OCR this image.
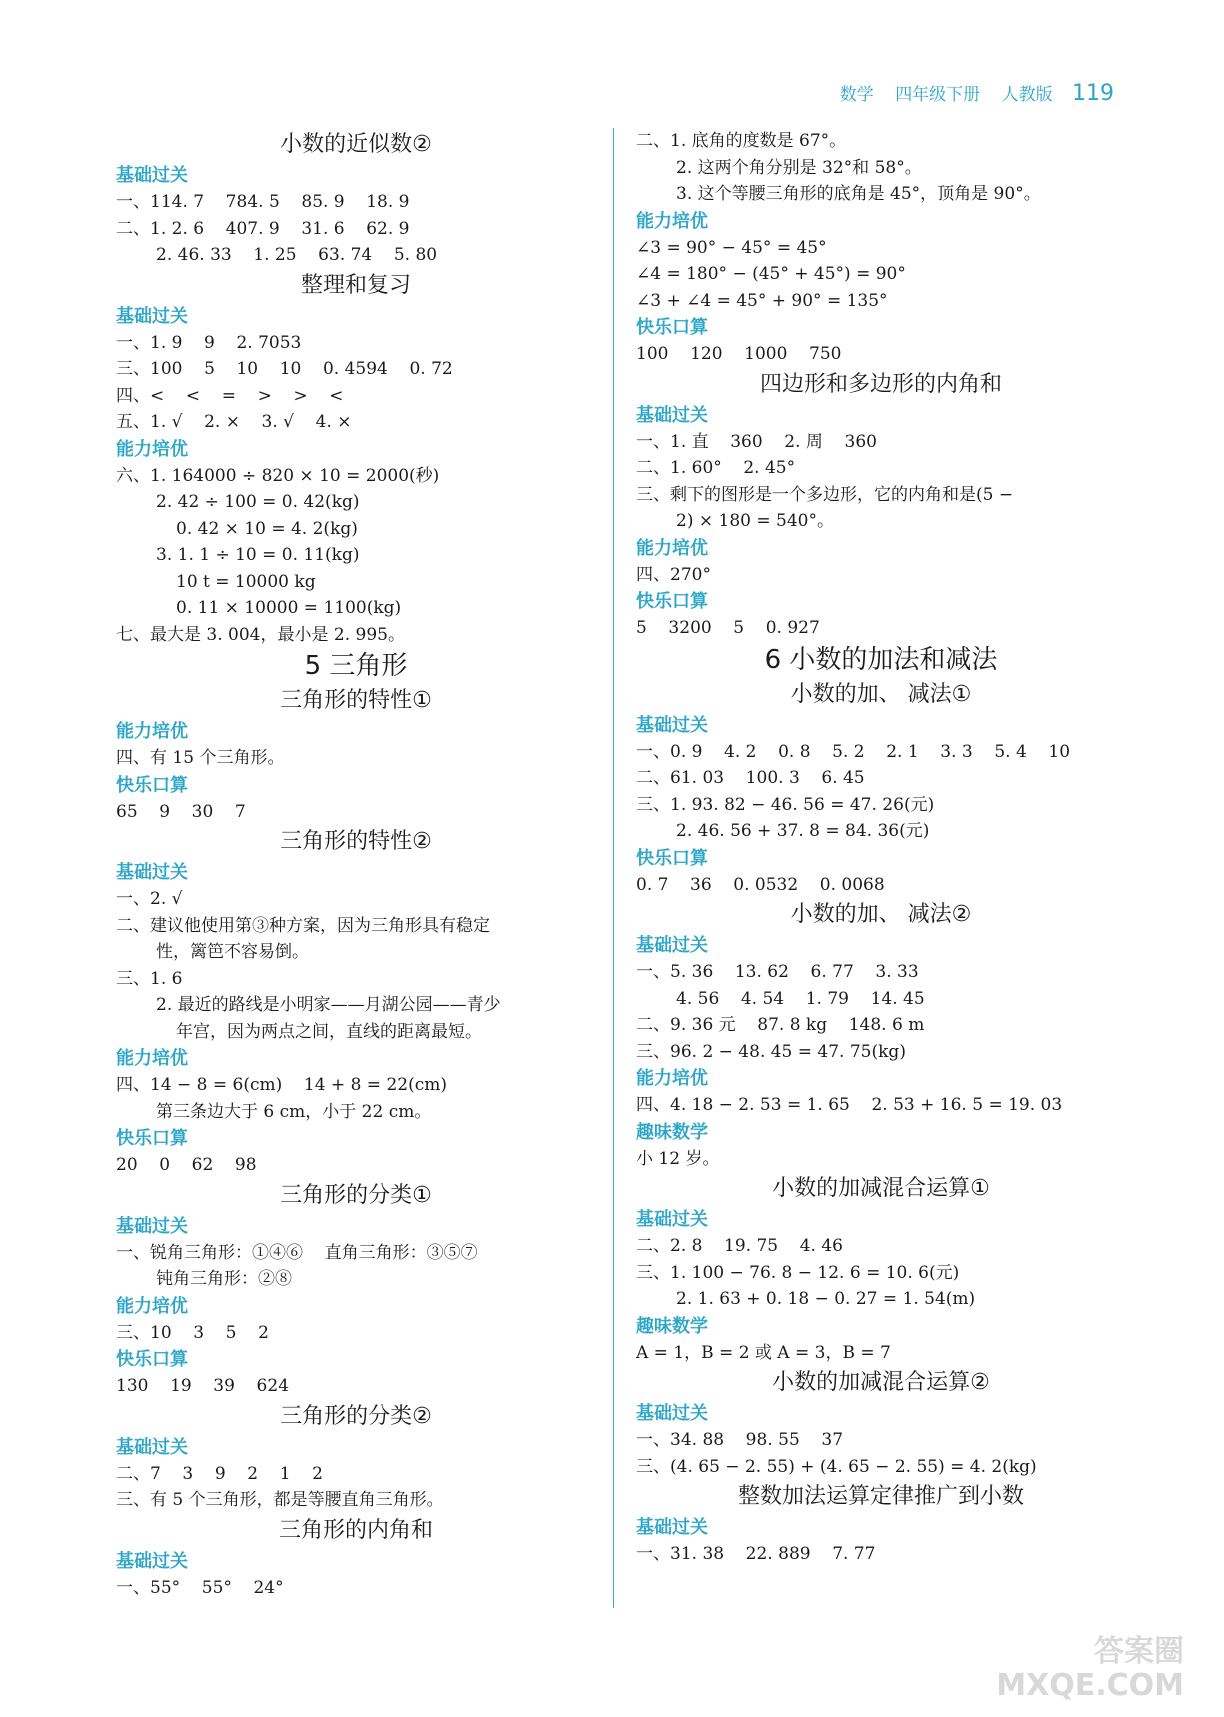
数学 四年级下册 人教版 119
小数的近似数②
基础过关
一、114. 7    784. 5    85. 9    18. 9
二、1. 2. 6    407. 9    31. 6    62. 9
2. 46. 33    1. 25    63. 74    5. 80
整理和复习
基础过关
一、1. 9    9    2. 7053
三、100    5    10    10    0. 4594    0. 72
四、<    <    =    >    >    <
五、1. √    2. ×    3. √    4. ×
能力培优
六、1. 164000 ÷ 820 × 10 = 2000(秒)
2. 42 ÷ 100 = 0. 42(kg)
0. 42 × 10 = 4. 2(kg)
3. 1. 1 ÷ 10 = 0. 11(kg)
10 t = 10000 kg
0. 11 × 10000 = 1100(kg)
七、最大是 3. 004，最小是 2. 995。
5 三角形
三角形的特性①
能力培优
四、有 15 个三角形。
快乐口算
65    9    30    7
三角形的特性②
基础过关
一、2. √
二、建议他使用第③种方案，因为三角形具有稳定
性，篱笆不容易倒。
三、1. 6
2. 最近的路线是小明家——月湖公园——青少
年宫，因为两点之间，直线的距离最短。
能力培优
四、14 − 8 = 6(cm)    14 + 8 = 22(cm)
第三条边大于 6 cm，小于 22 cm。
快乐口算
20    0    62    98
三角形的分类①
基础过关
一、锐角三角形：①④⑥    直角三角形：③⑤⑦
钝角三角形：②⑧
能力培优
三、10    3    5    2
快乐口算
130    19    39    624
三角形的分类②
基础过关
二、7    3    9    2    1    2
三、有 5 个三角形，都是等腰直角三角形。
三角形的内角和
基础过关
一、55°    55°    24°
二、1. 底角的度数是 67°。
2. 这两个角分别是 32°和 58°。
3. 这个等腰三角形的底角是 45°，顶角是 90°。
能力培优
∠3 = 90° − 45° = 45°
∠4 = 180° − (45° + 45°) = 90°
∠3 + ∠4 = 45° + 90° = 135°
快乐口算
100    120    1000    750
四边形和多边形的内角和
基础过关
一、1. 直    360    2. 周    360
二、1. 60°    2. 45°
三、剩下的图形是一个多边形，它的内角和是(5 −
2) × 180 = 540°。
能力培优
四、270°
快乐口算
5    3200    5    0. 927
6 小数的加法和减法
小数的加、 减法①
基础过关
一、0. 9    4. 2    0. 8    5. 2    2. 1    3. 3    5. 4    10
二、61. 03    100. 3    6. 45
三、1. 93. 82 − 46. 56 = 47. 26(元)
2. 46. 56 + 37. 8 = 84. 36(元)
快乐口算
0. 7    36    0. 0532    0. 0068
小数的加、 减法②
基础过关
一、5. 36    13. 62    6. 77    3. 33
4. 56    4. 54    1. 79    14. 45
二、9. 36 元    87. 8 kg    148. 6 m
三、96. 2 − 48. 45 = 47. 75(kg)
能力培优
四、4. 18 − 2. 53 = 1. 65    2. 53 + 16. 5 = 19. 03
趣味数学
小 12 岁。
小数的加减混合运算①
基础过关
二、2. 8    19. 75    4. 46
三、1. 100 − 76. 8 − 12. 6 = 10. 6(元)
2. 1. 63 + 0. 18 − 0. 27 = 1. 54(m)
趣味数学
A = 1，B = 2 或 A = 3，B = 7
小数的加减混合运算②
基础过关
一、34. 88    98. 55    37
三、(4. 65 − 2. 55) + (4. 65 − 2. 55) = 4. 2(kg)
整数加法运算定律推广到小数
基础过关
一、31. 38    22. 889    7. 77
答案圈
MXQE.COM
